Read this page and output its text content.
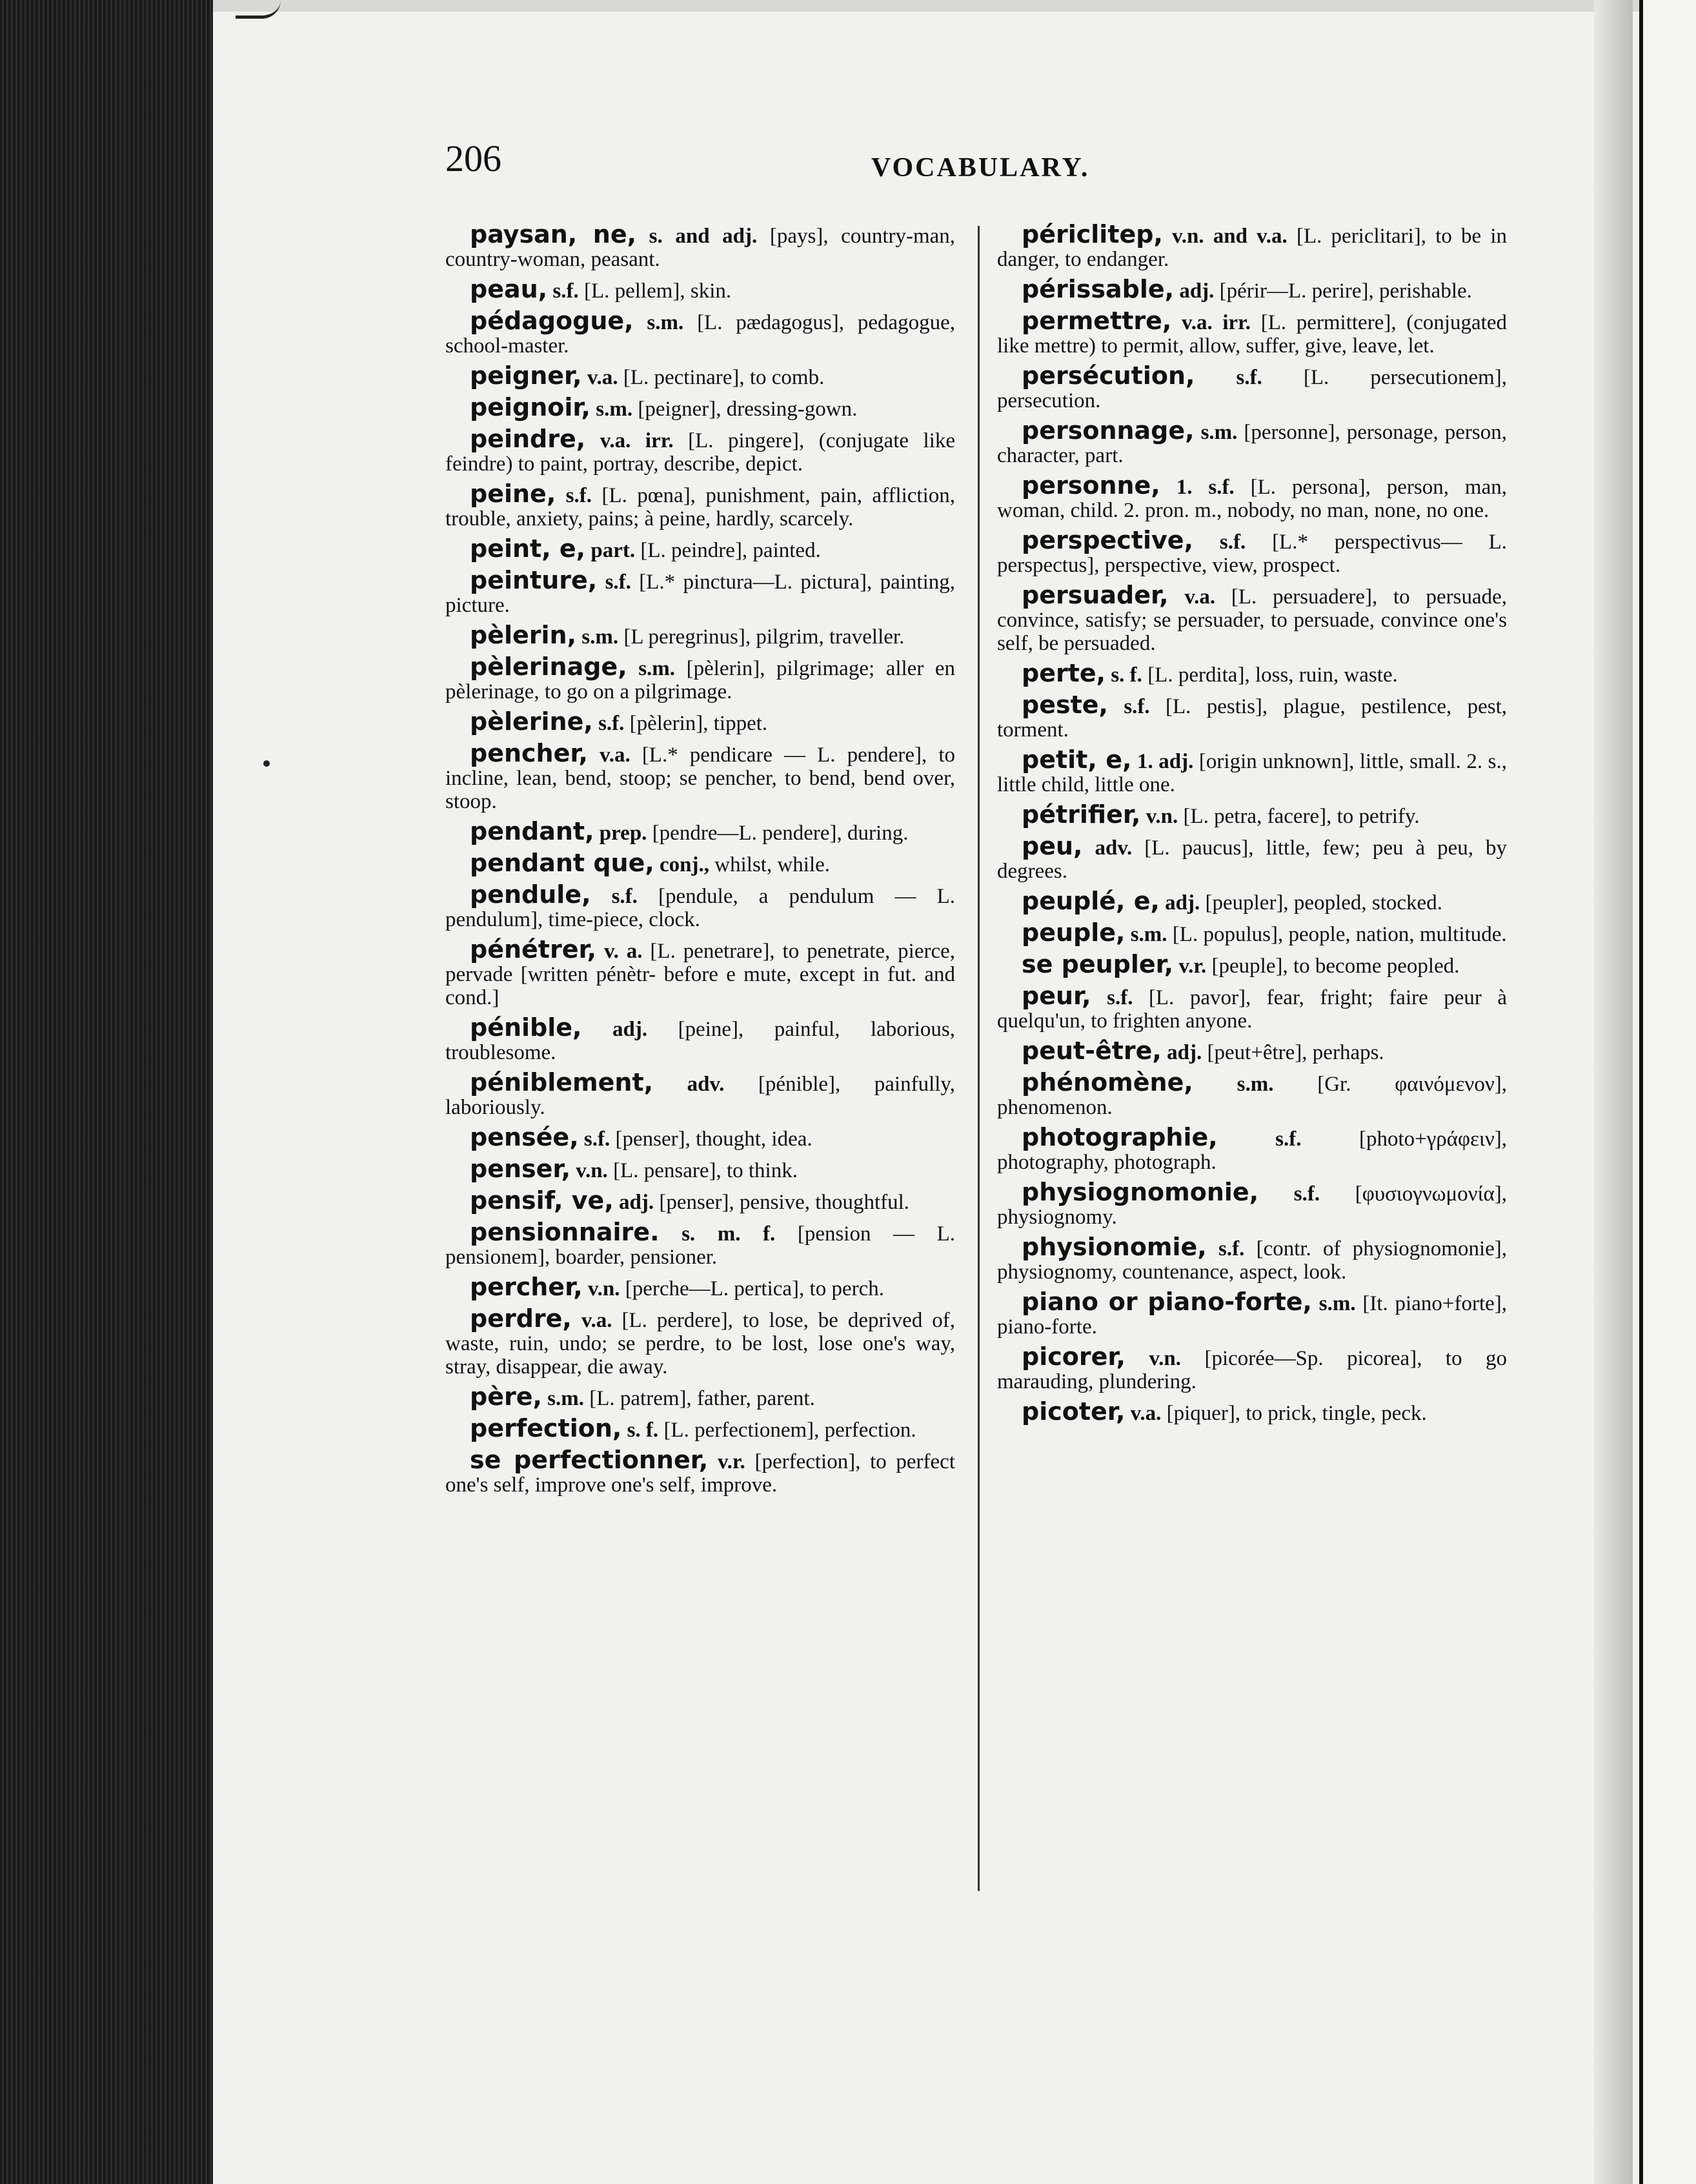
206	VOCABULARY.

paysan, ne, s. and adj. [pays], country-man, country-woman, peasant.

peau, s.f. [L. pellem], skin.

pédagogue, s.m. [L. pædagogus], pedagogue, school-master.

peigner, v.a. [L. pectinare], to comb.

peignoir, s.m. [peigner], dressing-gown.

peindre, v.a. irr. [L. pingere], (conjugate like feindre) to paint, portray, describe, depict.

peine, s.f. [L. pœna], punishment, pain, affliction, trouble, anxiety, pains; à peine, hardly, scarcely.

peint, e, part. [L. peindre], painted.

peinture, s.f. [L.* pinctura—L. pictura], painting, picture.

pèlerin, s.m. [L peregrinus], pilgrim, traveller.

pèlerinage, s.m. [pèlerin], pilgrimage; aller en pèlerinage, to go on a pilgrimage.

pèlerine, s.f. [pèlerin], tippet.

pencher, v.a. [L.* pendicare — L. pendere], to incline, lean, bend, stoop; se pencher, to bend, bend over, stoop.

pendant, prep. [pendre—L. pendere], during.

pendant que, conj., whilst, while.

pendule, s.f. [pendule, a pendulum — L. pendulum], time-piece, clock.

pénétrer, v. a. [L. penetrare], to penetrate, pierce, pervade [written pénètr- before e mute, except in fut. and cond.]

pénible, adj. [peine], painful, laborious, troublesome.

péniblement, adv. [pénible], painfully, laboriously.

pensée, s.f. [penser], thought, idea.

penser, v.n. [L. pensare], to think.

pensif, ve, adj. [penser], pensive, thoughtful.

pensionnaire. s. m. f. [pension — L. pensionem], boarder, pensioner.

percher, v.n. [perche—L. pertica], to perch.

perdre, v.a. [L. perdere], to lose, be deprived of, waste, ruin, undo; se perdre, to be lost, lose one's way, stray, disappear, die away.

père, s.m. [L. patrem], father, parent.

perfection, s. f. [L. perfectionem], perfection.

se perfectionner, v.r. [perfection], to perfect one's self, improve one's self, improve.

périclitер, v.n. and v.a. [L. periclitari], to be in danger, to endanger.

périssable, adj. [périr—L. perire], perishable.

permettre, v.a. irr. [L. permittere], (conjugated like mettre) to permit, allow, suffer, give, leave, let.

persécution, s.f. [L. persecutionem], persecution.

personnage, s.m. [personne], personage, person, character, part.

personne, 1. s.f. [L. persona], person, man, woman, child. 2. pron. m., nobody, no man, none, no one.

perspective, s.f. [L.* perspectivus— L. perspectus], perspective, view, prospect.

persuader, v.a. [L. persuadere], to persuade, convince, satisfy; se persuader, to persuade, convince one's self, be persuaded.

perte, s. f. [L. perdita], loss, ruin, waste.

peste, s.f. [L. pestis], plague, pestilence, pest, torment.

petit, e, 1. adj. [origin unknown], little, small. 2. s., little child, little one.

pétrifier, v.n. [L. petra, facere], to petrify.

peu, adv. [L. paucus], little, few; peu à peu, by degrees.

peuplé, e, adj. [peupler], peopled, stocked.

peuple, s.m. [L. populus], people, nation, multitude.

se peupler, v.r. [peuple], to become peopled.

peur, s.f. [L. pavor], fear, fright; faire peur à quelqu'un, to frighten anyone.

peut-être, adj. [peut+être], perhaps.

phénomène, s.m. [Gr. φαινόμενον], phenomenon.

photographie,	s.f.	[photo+γράφειν], photography, photograph.

physiognomonie, s.f. [φυσιογνωμονία], physiognomy.

physionomie, s.f. [contr. of physiognomonie], physiognomy, countenance, aspect, look.

piano or piano-forte, s.m. [It. piano+forte], piano-forte.

picorer, v.n. [picorée—Sp. picorea], to go marauding, plundering.

picoter, v.a. [piquer], to prick, tingle, peck.
